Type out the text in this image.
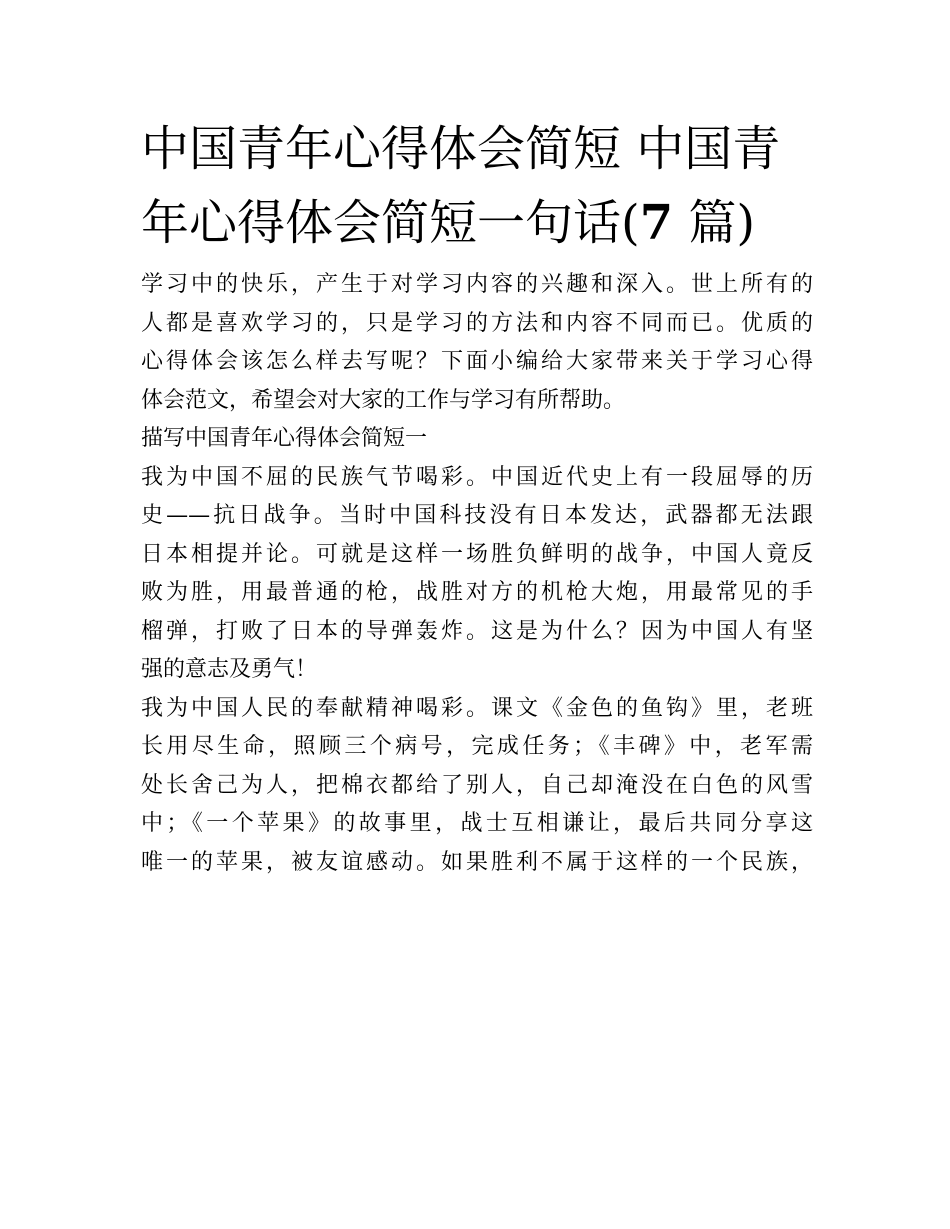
中国青年心得体会简短 中国青
年心得体会简短一句话(7 篇)

学习中的快乐，产生于对学习内容的兴趣和深入。世上所有的
人都是喜欢学习的，只是学习的方法和内容不同而已。优质的
心得体会该怎么样去写呢？下面小编给大家带来关于学习心得
体会范文，希望会对大家的工作与学习有所帮助。

描写中国青年心得体会简短一

我为中国不屈的民族气节喝彩。中国近代史上有一段屈辱的历
史——抗日战争。当时中国科技没有日本发达，武器都无法跟
日本相提并论。可就是这样一场胜负鲜明的战争，中国人竟反
败为胜，用最普通的枪，战胜对方的机枪大炮，用最常见的手
榴弹，打败了日本的导弹轰炸。这是为什么？因为中国人有坚
强的意志及勇气！

我为中国人民的奉献精神喝彩。课文《金色的鱼钩》里，老班
长用尽生命，照顾三个病号，完成任务；《丰碑》中，老军需
处长舍己为人，把棉衣都给了别人，自己却淹没在白色的风雪
中；《一个苹果》的故事里，战士互相谦让，最后共同分享这
唯一的苹果，被友谊感动。如果胜利不属于这样的一个民族，
